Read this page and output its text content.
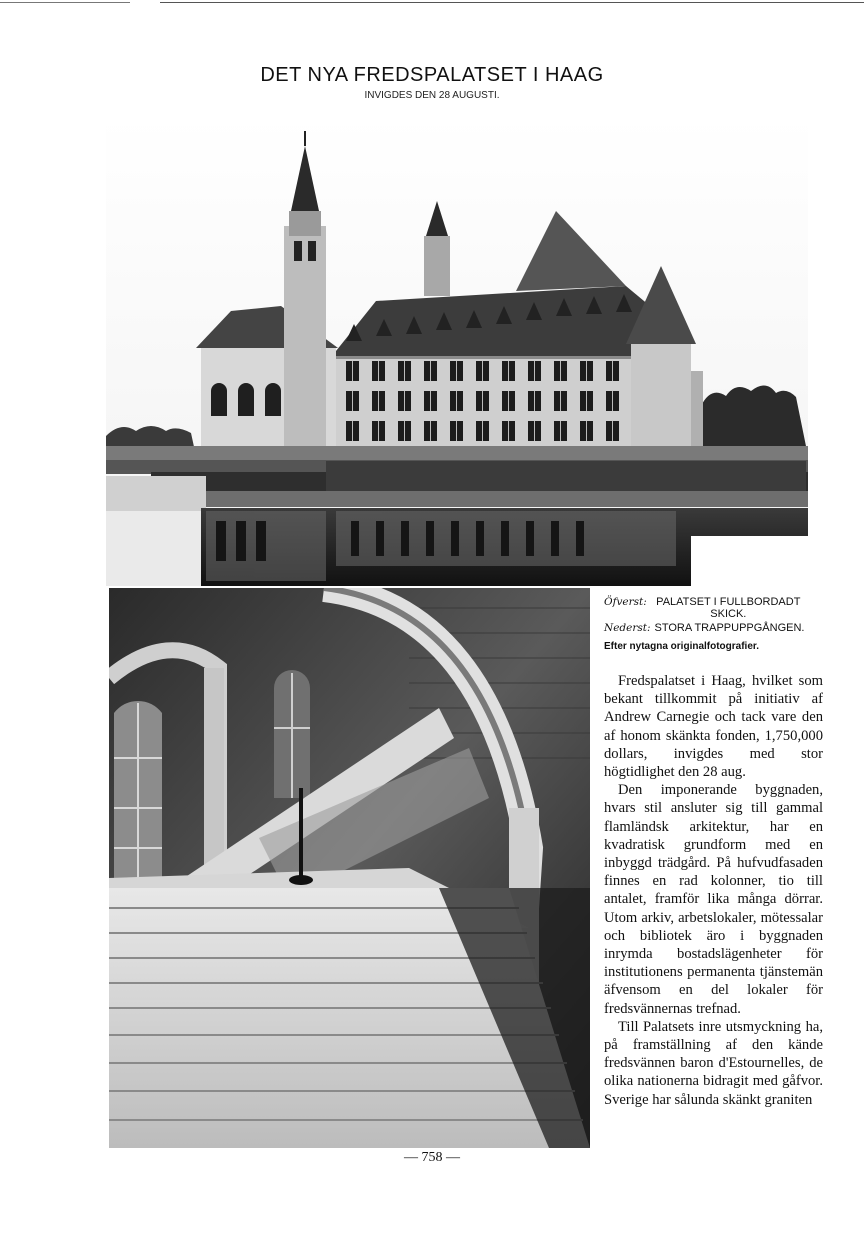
DET NYA FREDSPALATSET I HAAG
INVIGDES DEN 28 AUGUSTI.
Öfverst: PALATSET I FULLBORDADT SKICK.
Nederst: STORA TRAPPUPPGÅNGEN.
Efter nytagna originalfotografier.

Fredspalatset i Haag, hvilket som bekant tillkommit på initiativ af Andrew Carnegie och tack vare den af honom skänkta fonden, 1,750,000 dollars, invigdes med stor högtidlighet den 28 aug.

Den imponerande byggnaden, hvars stil ansluter sig till gammal flamländsk arkitektur, har en kvadratisk grundform med en inbyggd trädgård. På hufvudfasaden finnes en rad kolonner, tio till antalet, framför lika många dörrar. Utom arkiv, arbetslokaler, mötessalar och bibliotek äro i byggnaden inrymda bostadslägenheter för institutionens permanenta tjänstemän äfvensom en del lokaler för fredsvännernas trefnad.

Till Palatsets inre utsmyckning ha, på framställning af den kände fredsvännen baron d'Estournelles, de olika nationerna bidragit med gåfvor. Sverige har sålunda skänkt graniten

— 758 —
